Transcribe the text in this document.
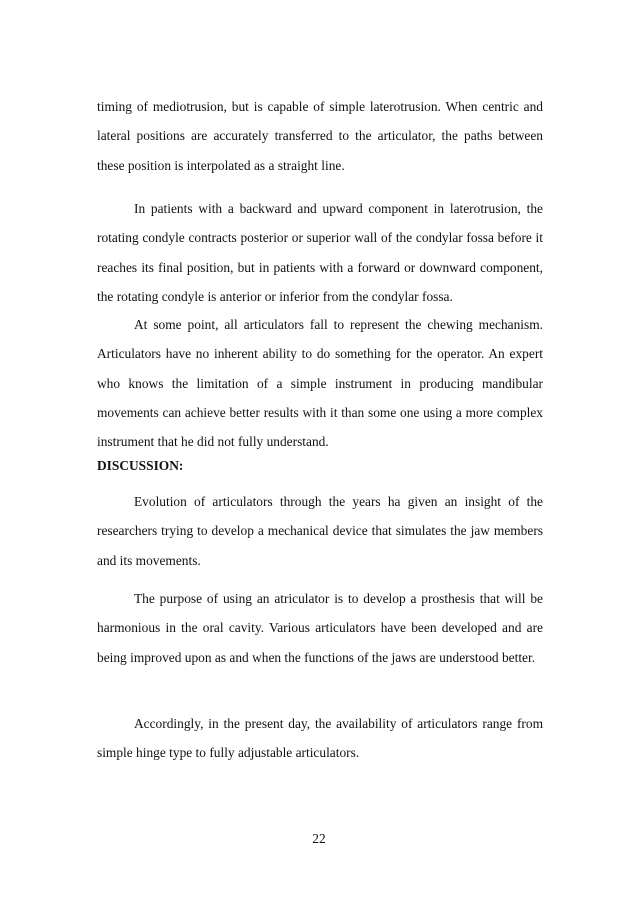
timing of mediotrusion, but is capable of simple laterotrusion. When centric and lateral positions are accurately transferred to the articulator, the paths between these position is interpolated as a straight line.

In patients with a backward and upward component in laterotrusion, the rotating condyle contracts posterior or superior wall of the condylar fossa before it reaches its final position, but in patients with a forward or downward component, the rotating condyle is anterior or inferior from the condylar fossa.

At some point, all articulators fall to represent the chewing mechanism. Articulators have no inherent ability to do something for the operator. An expert who knows the limitation of a simple instrument in producing mandibular movements can achieve better results with it than some one using a more complex instrument that he did not fully understand.

DISCUSSION:

Evolution of articulators through the years ha given an insight of the researchers trying to develop a mechanical device that simulates the jaw members and its movements.

The purpose of using an atriculator is to develop a prosthesis that will be harmonious in the oral cavity. Various articulators have been developed and are being improved upon as and when the functions of the jaws are understood better.

Accordingly, in the present day, the availability of articulators range from simple hinge type to fully adjustable articulators.

22
